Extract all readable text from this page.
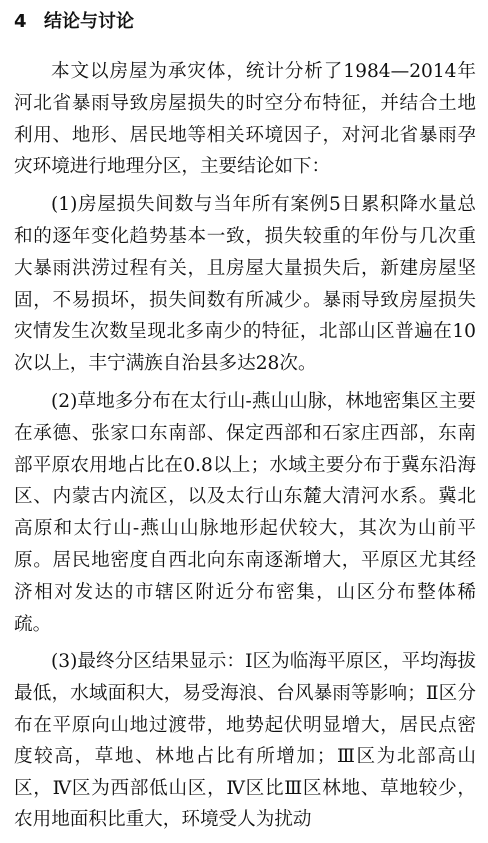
4 结论与讨论

本文以房屋为承灾体，统计分析了1984—2014年河北省暴雨导致房屋损失的时空分布特征，并结合土地利用、地形、居民地等相关环境因子，对河北省暴雨孕灾环境进行地理分区，主要结论如下：

(1)房屋损失间数与当年所有案例5日累积降水量总和的逐年变化趋势基本一致，损失较重的年份与几次重大暴雨洪涝过程有关，且房屋大量损失后，新建房屋坚固，不易损坏，损失间数有所减少。暴雨导致房屋损失灾情发生次数呈现北多南少的特征，北部山区普遍在10次以上，丰宁满族自治县多达28次。

(2)草地多分布在太行山-燕山山脉，林地密集区主要在承德、张家口东南部、保定西部和石家庄西部，东南部平原农用地占比在0.8以上；水域主要分布于冀东沿海区、内蒙古内流区，以及太行山东麓大清河水系。冀北高原和太行山-燕山山脉地形起伏较大，其次为山前平原。居民地密度自西北向东南逐渐增大，平原区尤其经济相对发达的市辖区附近分布密集，山区分布整体稀疏。

(3)最终分区结果显示：Ⅰ区为临海平原区，平均海拔最低，水域面积大，易受海浪、台风暴雨等影响；Ⅱ区分布在平原向山地过渡带，地势起伏明显增大，居民点密度较高，草地、林地占比有所增加；Ⅲ区为北部高山区，Ⅳ区为西部低山区，Ⅳ区比Ⅲ区林地、草地较少，农用地面积比重大，环境受人为扰动
